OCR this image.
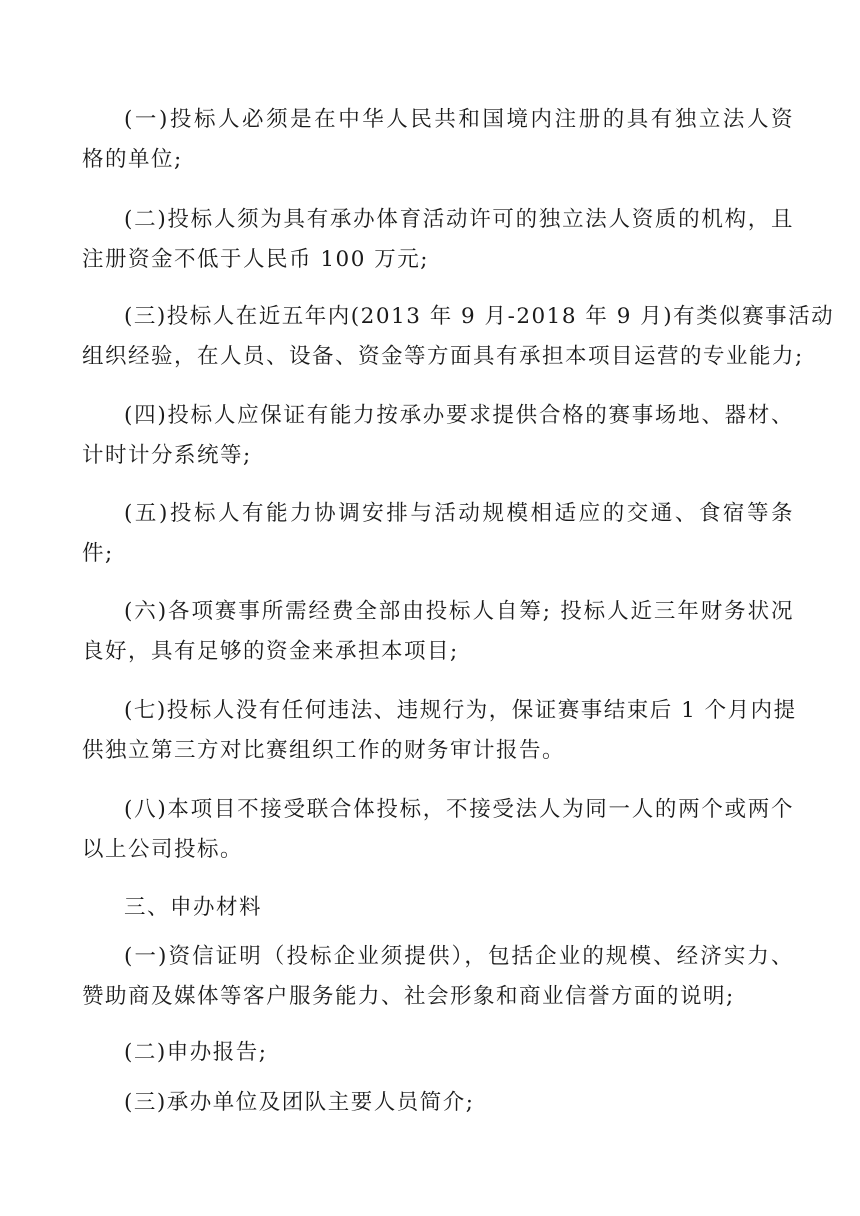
(一)投标人必须是在中华人民共和国境内注册的具有独立法人资
格的单位;
(二)投标人须为具有承办体育活动许可的独立法人资质的机构，且
注册资金不低于人民币 100 万元;
(三)投标人在近五年内(2013 年 9 月-2018 年 9 月)有类似赛事活动
组织经验，在人员、设备、资金等方面具有承担本项目运营的专业能力;
(四)投标人应保证有能力按承办要求提供合格的赛事场地、器材、
计时计分系统等;
(五)投标人有能力协调安排与活动规模相适应的交通、食宿等条
件;
(六)各项赛事所需经费全部由投标人自筹; 投标人近三年财务状况
良好，具有足够的资金来承担本项目;
(七)投标人没有任何违法、违规行为，保证赛事结束后 1 个月内提
供独立第三方对比赛组织工作的财务审计报告。
(八)本项目不接受联合体投标，不接受法人为同一人的两个或两个
以上公司投标。
三、申办材料
(一)资信证明（投标企业须提供），包括企业的规模、经济实力、
赞助商及媒体等客户服务能力、社会形象和商业信誉方面的说明;
(二)申办报告;
(三)承办单位及团队主要人员简介;
